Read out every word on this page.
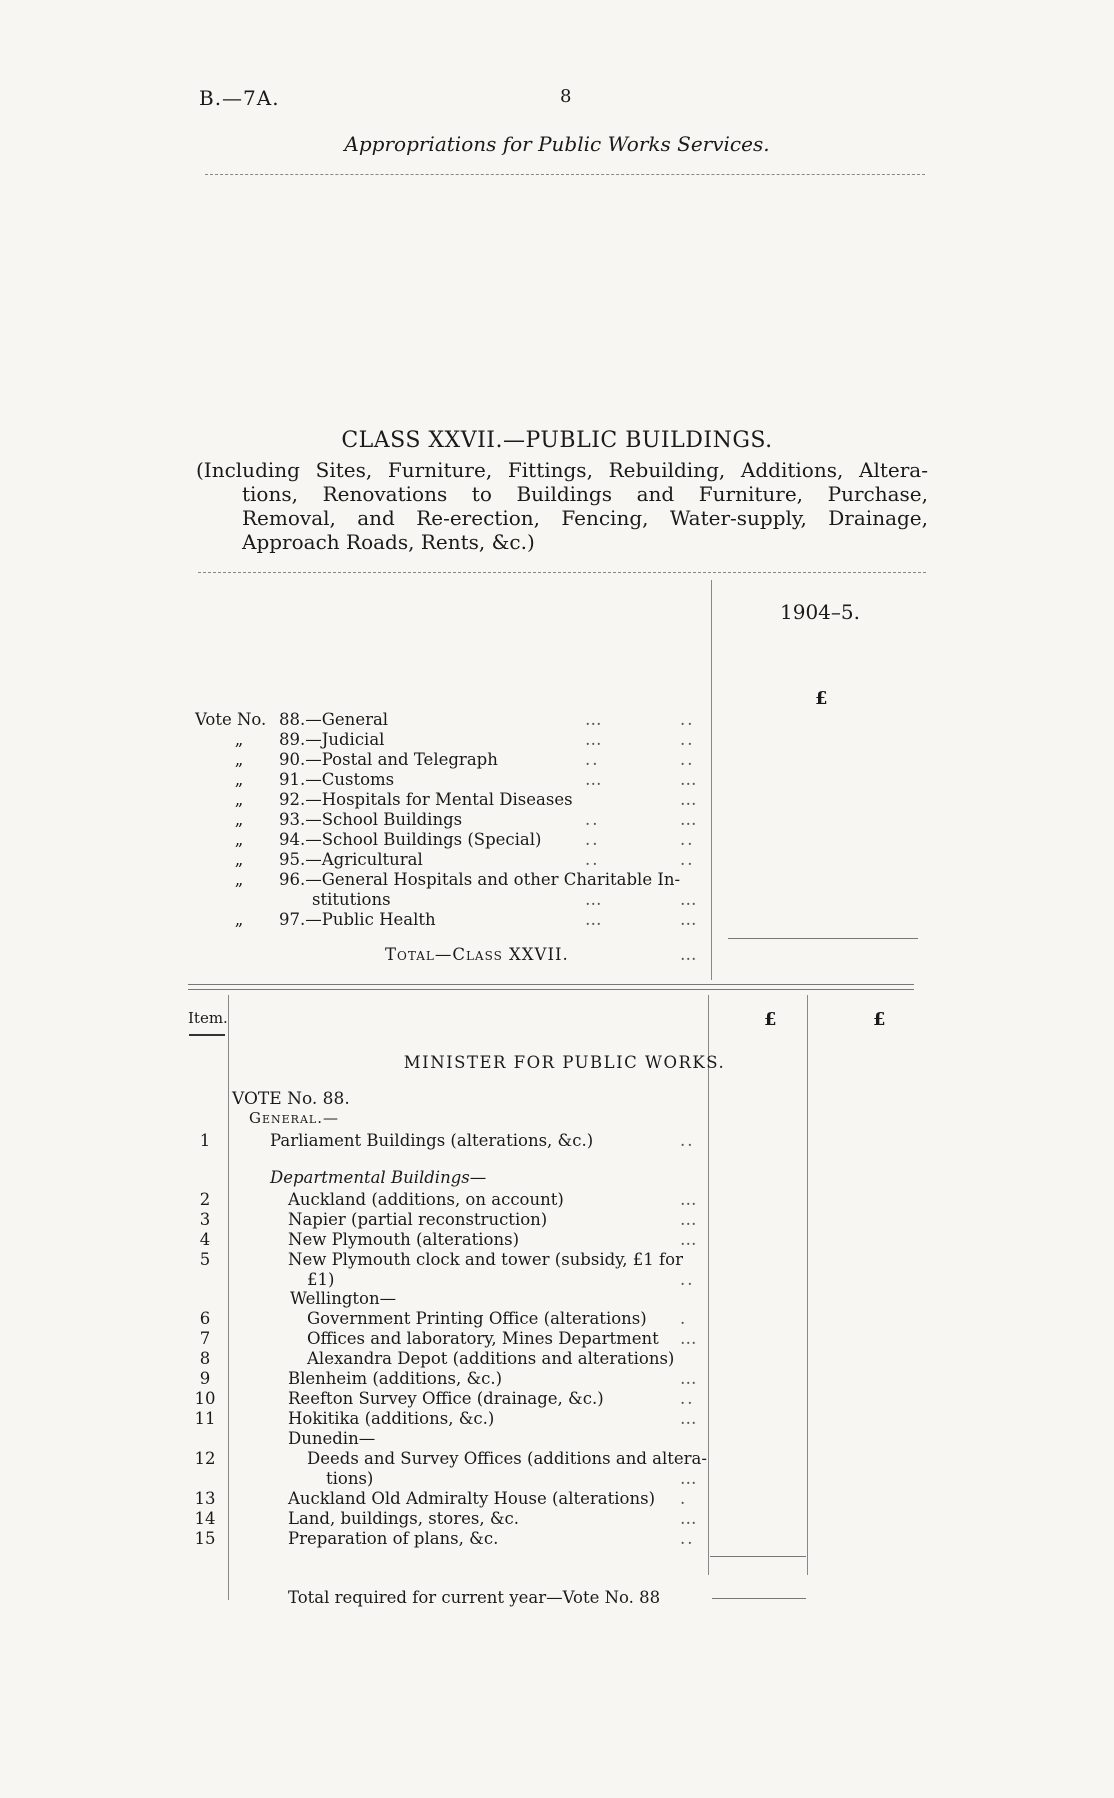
B.—7A.	8
Appropriations for Public Works Services.
CLASS XXVII.—PUBLIC BUILDINGS.
(Including Sites, Furniture, Fittings, Rebuilding, Additions, Altera-
tions, Renovations to Buildings and Furniture, Purchase,
Removal, and Re-erection, Fencing, Water-supply, Drainage,
Approach Roads, Rents, &c.)
1904–5.
£
Vote No. 88.—General	…	..
„ 89.—Judicial	…	..
„ 90.—Postal and Telegraph	..	..
„ 91.—Customs	…	…
„ 92.—Hospitals for Mental Diseases	…
„ 93.—School Buildings	..	…
„ 94.—School Buildings (Special)	..	..
„ 95.—Agricultural	..	..
„ 96.—General Hospitals and other Charitable In-
stitutions	…	…
„ 97.—Public Health	…	…
Total—Class XXVII.	…
Item.	£	£
MINISTER FOR PUBLIC WORKS.
VOTE No. 88.
General.—
1	Parliament Buildings (alterations, &c.)	..
Departmental Buildings—
2	Auckland (additions, on account)	…
3	Napier (partial reconstruction)	…
4	New Plymouth (alterations)	…
5	New Plymouth clock and tower (subsidy, £1 for
£1)	..
Wellington—
6	Government Printing Office (alterations) .
7	Offices and laboratory, Mines Department …
8	Alexandra Depot (additions and alterations)
9	Blenheim (additions, &c.)	…
10	Reefton Survey Office (drainage, &c.)	..
11	Hokitika (additions, &c.)	…
Dunedin—
12	Deeds and Survey Offices (additions and altera-
tions)	…
13	Auckland Old Admiralty House (alterations) .
14	Land, buildings, stores, &c.	…
15	Preparation of plans, &c.	..
Total required for current year—Vote No. 88
